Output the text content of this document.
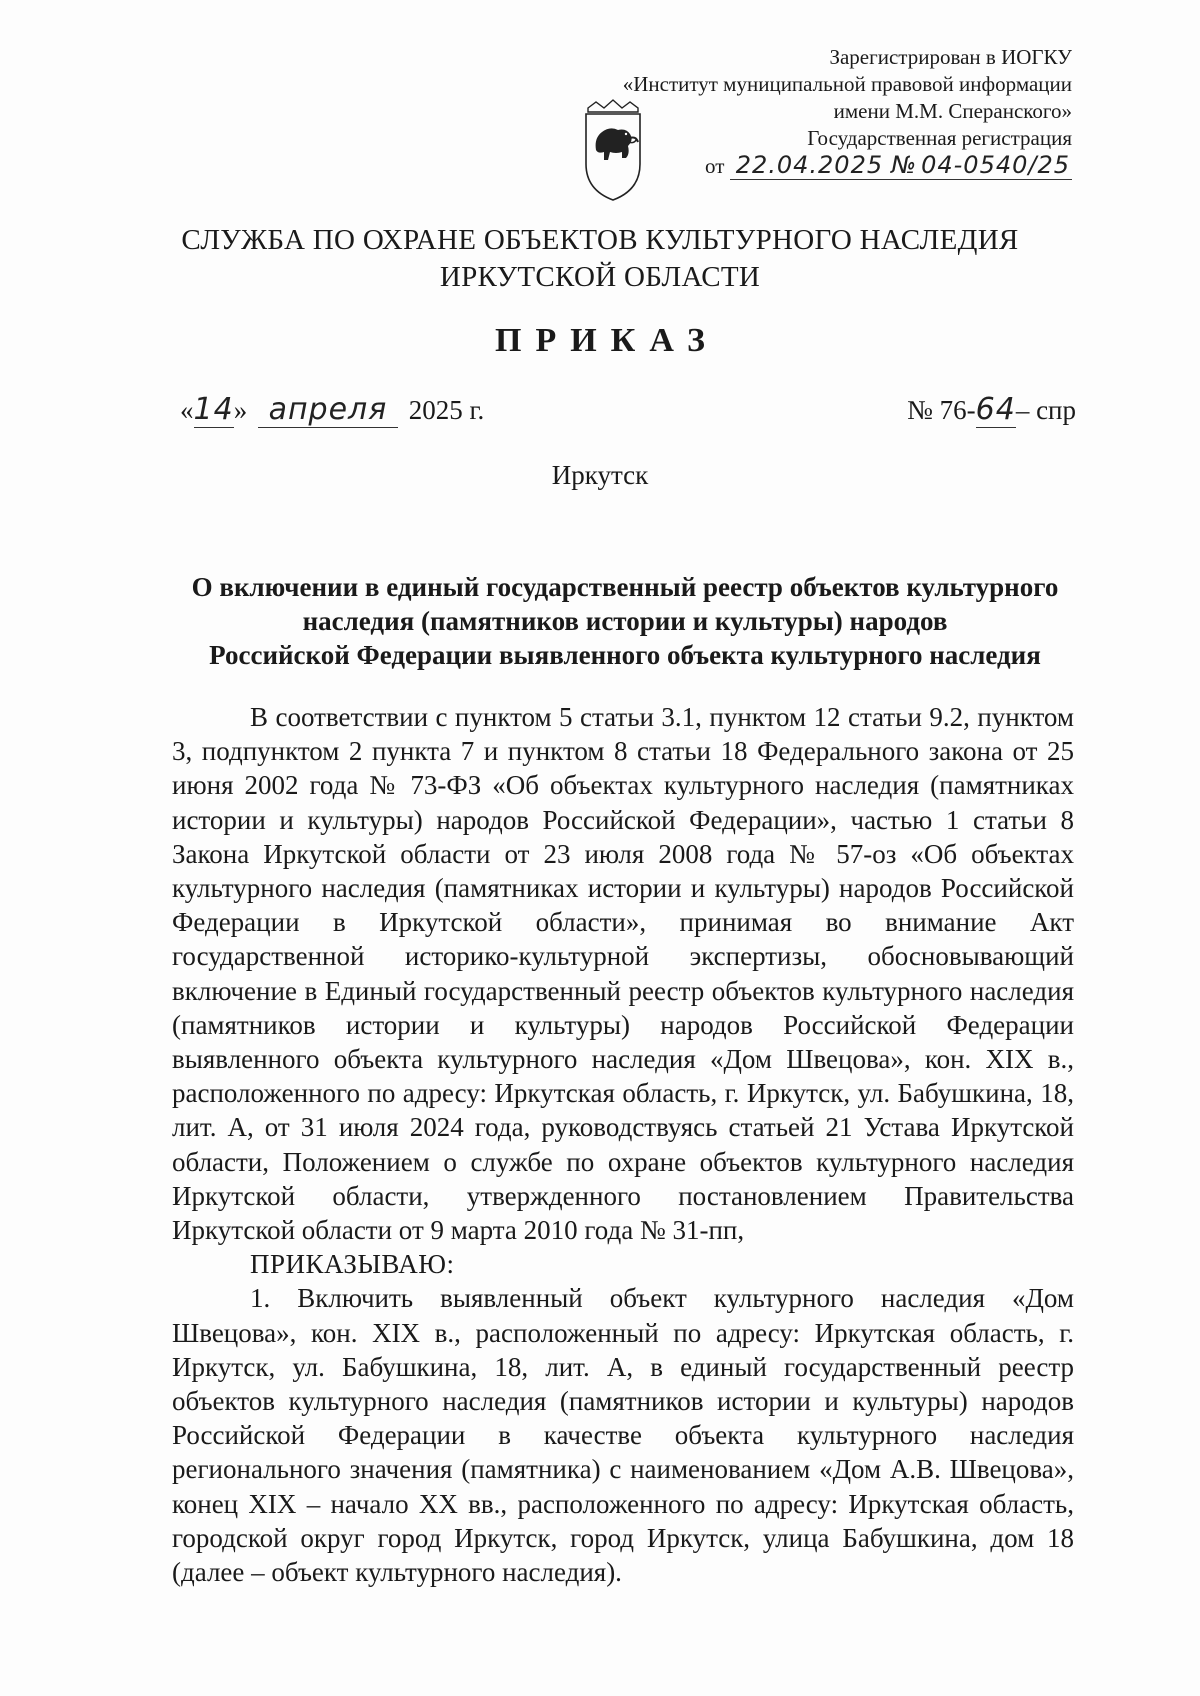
Зарегистрирован в ИОГКУ
«Институт муниципальной правовой информации
имени М.М. Сперанского»
Государственная регистрация
от 22.04.2025 № 04-0540/25
СЛУЖБА ПО ОХРАНЕ ОБЪЕКТОВ КУЛЬТУРНОГО НАСЛЕДИЯ
ИРКУТСКОЙ ОБЛАСТИ
ПРИКАЗ
«14» апреля 2025 г.	№ 76-64– спр
Иркутск
О включении в единый государственный реестр объектов культурного
наследия (памятников истории и культуры) народов
Российской Федерации выявленного объекта культурного наследия

В соответствии с пунктом 5 статьи 3.1, пунктом 12 статьи 9.2, пунктом 3, подпунктом 2 пункта 7 и пунктом 8 статьи 18 Федерального закона от 25 июня 2002 года № 73-ФЗ «Об объектах культурного наследия (памятниках истории и культуры) народов Российской Федерации», частью 1 статьи 8 Закона Иркутской области от 23 июля 2008 года № 57-оз «Об объектах культурного наследия (памятниках истории и культуры) народов Российской Федерации в Иркутской области», принимая во внимание Акт государственной историко-культурной экспертизы, обосновывающий включение в Единый государственный реестр объектов культурного наследия (памятников истории и культуры) народов Российской Федерации выявленного объекта культурного наследия «Дом Швецова», кон. XIX в., расположенного по адресу: Иркутская область, г. Иркутск, ул. Бабушкина, 18, лит. А, от 31 июля 2024 года, руководствуясь статьей 21 Устава Иркутской области, Положением о службе по охране объектов культурного наследия Иркутской области, утвержденного постановлением Правительства Иркутской области от 9 марта 2010 года № 31-пп,

ПРИКАЗЫВАЮ:

1. Включить выявленный объект культурного наследия «Дом Швецова», кон. XIX в., расположенный по адресу: Иркутская область, г. Иркутск, ул. Бабушкина, 18, лит. А, в единый государственный реестр объектов культурного наследия (памятников истории и культуры) народов Российской Федерации в качестве объекта культурного наследия регионального значения (памятника) с наименованием «Дом А.В. Швецова», конец XIX – начало XX вв., расположенного по адресу: Иркутская область, городской округ город Иркутск, город Иркутск, улица Бабушкина, дом 18 (далее – объект культурного наследия).
